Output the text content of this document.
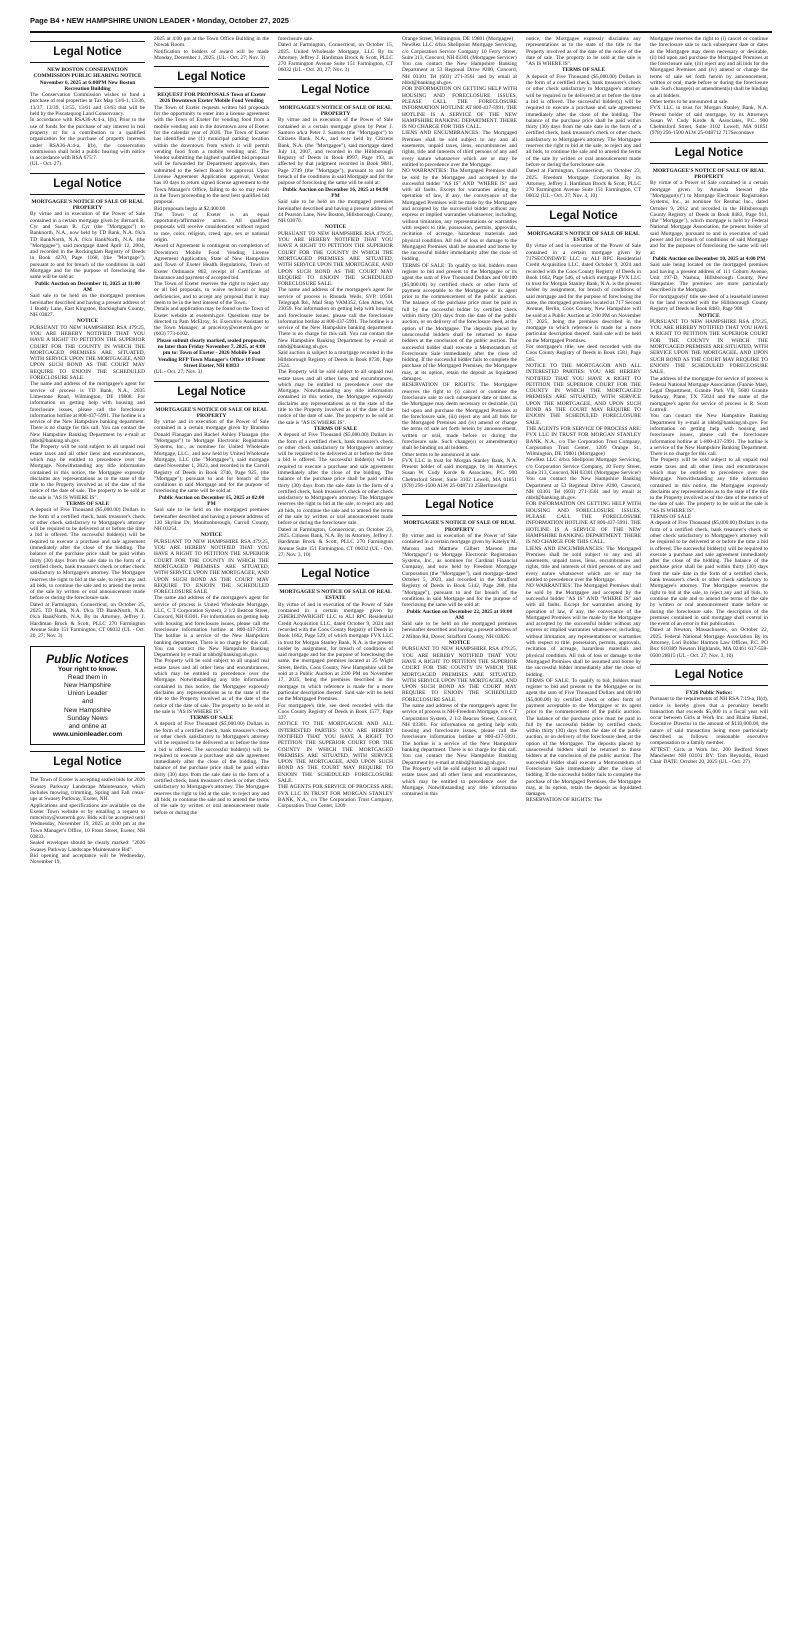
Page B4 • NEW HAMPSHIRE UNION LEADER • Monday, October 27, 2025
Legal Notice

NEW BOSTON CONSERVATION COMMISSION PUBLIC HEARING NOTICE

November 6, 2025 at 6:00PM New Boston Recreation Building

The Conservation Commission wishes to fund a purchase of real properties at Tax Map 13/6-1, 13/36, 13/37, 13/39, 13/55, 13/61 and 13/63 that will be held by the Piscataquog Land Conservancy.

In accordance with RSA36-A:4-a, I(b), Prior to the use of funds for the purchase of any interest in real property or for a contribution to a qualified organization for the purchase of property interests under RSA36-A:4-a, I(b), the conservation commission shall hold a public hearing with notice in accordance with RSA 675:7.

(UL - Oct. 27)

Legal Notice

MORTGAGEE'S NOTICE OF SALE OF REAL PROPERTY

By virtue and in execution of the Power of Sale contained in a certain mortgage given by Bernard R. Cyr and Susan R. Cyr (the "Mortgagor") to Banknorth, N.A., now held by TD Bank, N.A. f/k/a TD BankNorth, N.A. f/k/a BankNorth, N.A. (the "Mortgagee"), said mortgage dated April 12, 2004, and recorded in the Rockingham Registry of Deeds in Book 4270, Page 1168, (the "Mortgage"), pursuant to and for breach of the conditions in said Mortgage and for the purpose of foreclosing the same will be sold at:

Public Auction on December 11, 2025 at 11:00 AM

Said sale to be held on the mortgaged premises hereinafter described and having a present address of 1 Buddy Lane, East Kingston, Rockingham County, NH 03827.

NOTICE

PURSUANT TO NEW HAMPSHIRE RSA 479:25, YOU ARE HEREBY NOTIFIED THAT YOU HAVE A RIGHT TO PETITION THE SUPERIOR COURT FOR THE COUNTY IN WHICH THE MORTGAGED PREMISES ARE SITUATED, WITH SERVICE UPON THE MORTGAGEE, AND UPON SUCH BOND AS THE COURT MAY REQUIRE TO ENJOIN THE SCHEDULED FORECLOSURE SALE.

The name and address of the mortgagee's agent for service of process is TD Bank, N.A., 2035 Limestone Road, Wilmington, DE 19808. For information on getting help with housing and foreclosure issues, please call the foreclosure information hotline at 800-437-5991. The hotline is a service of the New Hampshire banking department. There is no charge for this call. You can contact the New Hampshire Banking Department by e-mail at nhbd@banking.nh.gov.

The Property will be sold subject to all unpaid real estate taxes and all other liens and encumbrances, which may be entitled to precedence over the Mortgage. Notwithstanding any title information contained in this notice, the Mortgagee expressly disclaims any representations as to the state of the title to the Property involved as of the date of the notice of the date of sale. The property to be sold at the sale is "AS IS WHERE IS".

TERMS OF SALE

A deposit of Five Thousand ($5,000.00) Dollars in the form of a certified check, bank treasurer's check or other check satisfactory to Mortgagee's attorney will be required to be delivered at or before the time a bid is offered. The successful bidder(s) will be required to execute a purchase and sale agreement immediately after the close of the bidding. The balance of the purchase price shall be paid within thirty (30) days from the sale date in the form of a certified check, bank treasurer's check or other check satisfactory to Mortgagee's attorney. The Mortgagee reserves the right to bid at the sale, to reject any and all bids, to continue the sale and to amend the terms of the sale by written or oral announcement made before or during the foreclosure sale.

Dated at Farmington, Connecticut, on October 25, 2025. TD Bank, N.A. f/k/a TD BankNorth, N.A. f/k/a BankNorth, N.A. By its Attorney, Jeffrey J. Hardiman Brock & Scott, PLLC 270 Farmington Avenue Suite 151 Farmington, CT 06032 (UL - Oct. 20, 27; Nov. 3)

Public Notices
Your right to know.
Read them in
New Hampshire
Union Leader
and
New Hampshire
Sunday News
and online at
www.unionleader.com
Legal Notice

The Town of Exeter is accepting sealed bids for 2026 Swasey Parkway Landscape Maintenance, which includes mowing, trimming, Spring and Fall clean-ups at Swasey Parkway, Exeter, NH.

Applications and specifications are available on the Exeter Town website or by emailing a request to mmcelroy@exeternh.gov. Bids will be accepted until Wednesday, November 19, 2025 at 4:00 pm at the Town Manager's Office, 10 Front Street, Exeter, NH 03833.

Sealed envelopes should be clearly marked: "2026 Swasey Parkway Landscape Maintenance Bid".

Bid opening and acceptance will be Wednesday, November 19,

2025 at 4:00 pm at the Town Office Building in the Nowak Room.

Notification to bidders of award will be made Monday, December 1, 2025. (UL - Oct. 27; Nov. 3)

Legal Notice

REQUEST FOR PROPOSALS Town of Exeter 2026 Downtown Exeter Mobile Food Vending

The Town of Exeter requests written bid proposals for the opportunity to enter into a license agreement with the Town of Exeter for vending food from a mobile vending unit in the downtown area of Exeter for the calendar year of 2026. The Town of Exeter has identified one (1) municipal parking location within the downtown from which it will permit vending food from a mobile vending unit. The Vendor submitting the highest qualified bid proposal will be forwarded for Department approvals, then submitted to the Select Board for approval. Upon License Agreement Application approval, Vendor has 10 days to return signed license agreement to the Town Manager's Office, failing to do so may result in the Town proceeding to the next best qualified bid proposal.

Bid proposals begin at $2,400.00

The Town of Exeter is an equal opportunity/affirmative action. All qualified proposals will receive consideration without regard to race, color, religion, creed, age, sex or national origin.

Award of Agreement is contingent on completion of Downtown Mobile Food Vending License Agreement Application, State of New Hampshire and Town of Exeter Health Regulations, Town of Exeter Ordinance 802, receipt of Certificate of Insurance and payment of accepted bid.

The Town of Exeter reserves the right to reject any or all bid proposals, to waive technical or legal deficiencies, and to accept any proposal that it may deem to be in the best interest of the Town.

Details and application may be found on the Town of Exeter website at exeternh.gov. Questions may be directed to Pam McElroy, Sr. Executive Assistant to the Town Manager, at pmcelroy@exeternh.gov or (603) 773-6102.

Please submit clearly marked, sealed proposals, no later than Friday November 7, 2025, at 4:00 pm to: Town of Exeter - 2026 Mobile Food Vending RFP Town Manager's Office 10 Front Street Exeter, NH 03833

(UL - Oct. 27; Nov. 3)

Legal Notice

MORTGAGEE'S NOTICE OF SALE OF REAL PROPERTY

By virtue and in execution of the Power of Sale contained in a certain mortgage given by Brandon Donald Flanagan and Rachel Ashley Flanagan (the "Mortgagor") to Mortgage Electronic Registration Systems, Inc., as nominee for United Wholesale Mortgage, LLC., and now held by United Wholesale Mortgage, LLC (the "Mortgagee"), said mortgage dated November 1, 2023, and recorded in the Carroll Registry of Deeds in Book 3746, Page 925, (the "Mortgage"), pursuant to and for breach of the conditions in said Mortgage and for the purpose of foreclosing the same will be sold at:

Public Auction on December 15, 2025 at 02:00 PM

Said sale to be held on the mortgaged premises hereinafter described and having a present address of 130 Skyline Dr, Moultonborough, Carroll County, NH 03254.

NOTICE

PURSUANT TO NEW HAMPSHIRE RSA 479:25, YOU ARE HEREBY NOTIFIED THAT YOU HAVE A RIGHT TO PETITION THE SUPERIOR COURT FOR THE COUNTY IN WHICH THE MORTGAGED PREMISES ARE SITUATED, WITH SERVICE UPON THE MORTGAGEE, AND UPON SUCH BOND AS THE COURT MAY REQUIRE TO ENJOIN THE SCHEDULED FORECLOSURE SALE.

The name and address of the mortgagee's agent for service of process is United Wholesale Mortgage, LLC, C T Corporation System, 2 1/2 Beacon Street, Concord, NH 03301. For information on getting help with housing and foreclosure issues, please call the foreclosure information hotline at 800-437-5991. The hotline is a service of the New Hampshire banking department. There is no charge for this call. You can contact the New Hampshire Banking Department by e-mail at nhbd@banking.nh.gov.

The Property will be sold subject to all unpaid real estate taxes and all other liens and encumbrances, which may be entitled to precedence over the Mortgage. Notwithstanding any title information contained in this notice, the Mortgagee expressly disclaims any representations as to the state of the title to the Property involved as of the date of the notice of the date of sale. The property to be sold at the sale is "AS IS WHERE IS".

TERMS OF SALE

A deposit of Five Thousand ($5,000.00) Dollars in the form of a certified check, bank treasurer's check or other check satisfactory to Mortgagee's attorney will be required to be delivered at or before the time a bid is offered. The successful bidder(s) will be required to execute a purchase and sale agreement immediately after the close of the bidding. The balance of the purchase price shall be paid within thirty (30) days from the sale date in the form of a certified check, bank treasurer's check or other check satisfactory to Mortgagee's attorney. The Mortgagee reserves the right to bid at the sale, to reject any and all bids, to continue the sale and to amend the terms of the sale by written or oral announcement made before or during the

foreclosure sale.

Dated at Farmington, Connecticut, on October 15, 2025. United Wholesale Mortgage, LLC By its Attorney, Jeffrey J. Hardiman Brock & Scott, PLLC 270 Farmington Avenue Suite 151 Farmington, CT 06032 (UL - Oct. 20, 27; Nov. 3)

Legal Notice

MORTGAGEE'S NOTICE OF SALE OF REAL PROPERTY

By virtue and in execution of the Power of Sale contained in a certain mortgage given by Peter J. Santoro a/k/a Peter J. Santoto (the "Mortgagor") to Citizens Bank, N.A., and now held by Citizens Bank, N.A. (the "Mortgagee"), said mortgage dated July 14, 2007, and recorded in the Hillsborough Registry of Deeds in Book 8997, Page 193, as affected by that judgment recorded in Book 9881, Page 2749 (the "Mortgage"), pursuant to and for breach of the conditions in said Mortgage and for the purpose of foreclosing the same will be sold at:

Public Auction on December 16, 2025 at 04:00 PM

Said sale to be held on the mortgaged premises hereinafter described and having a present address of 44 Pearson Lane, New Boston, Hillsborough County, NH 03070.

NOTICE

PURSUANT TO NEW HAMPSHIRE RSA 479:25, YOU ARE HEREBY NOTIFIED THAT YOU HAVE A RIGHT TO PETITION THE SUPERIOR COURT FOR THE COUNTY IN WHICH THE MORTGAGED PREMISES ARE SITUATED, WITH SERVICE UPON THE MORTGAGEE, AND UPON SUCH BOND AS THE COURT MAY REQUIRE TO ENJOIN THE SCHEDULED FORECLOSURE SALE.

The name and address of the mortgagee's agent for service of process is Rhonda Wells, SVP, 10561 Telegraph Rd., Mail Stop VAM352, Glen Allen, VA 23059. For information on getting help with housing and foreclosure issues, please call the foreclosure information hotline at 800-437-5991. The hotline is a service of the New Hampshire banking department. There is no charge for this call. You can contact the New Hampshire Banking Department by e-mail at nhbd@banking.nh.gov.

Said auction is subject to a mortgage recorded in the Hillsborough Registry of Deeds in Book 8730, Page 2524.

The Property will be sold subject to all unpaid real estate taxes and all other liens and encumbrances, which may be entitled to precedence over the Mortgage. Notwithstanding any title information contained in this notice, the Mortgagee expressly disclaims any representations as to the state of the title to the Property involved as of the date of the notice of the date of sale. The property to be sold at the sale is "AS IS WHERE IS".

TERMS OF SALE

A deposit of Five Thousand ($5,000.00) Dollars in the form of a certified check, bank treasurer's check or other check satisfactory to Mortgagee's attorney will be required to be delivered at or before the time a bid is offered. The successful bidder(s) will be required to execute a purchase and sale agreement immediately after the close of the bidding. The balance of the purchase price shall be paid within thirty (30) days from the sale date in the form of a certified check, bank treasurer's check or other check satisfactory to Mortgagee's attorney. The Mortgagee reserves the right to bid at the sale, to reject any and all bids, to continue the sale and to amend the terms of the sale by written or oral announcement made before or during the foreclosure sale.

Dated at Farmington, Connecticut, on October 23, 2025. Citizens Bank, N.A. By its Attorney, Jeffrey J. Hardiman Brock & Scott, PLLC 270 Farmington Avenue Suite 151 Farmington, CT 06032 (UL - Oct. 27; Nov. 3, 10)

Legal Notice

MORTGAGEE'S NOTICE OF SALE OF REAL ESTATE

By virtue of and in execution of the Power of Sale contained in a certain mortgage given by 25BERLINWRIGHT LLC to ALI RPC Residential Credit Acquisition LLC, dated October 9, 2024 and recorded with the Coos County Registry of Deeds in Book 1662, Page 529, of which mortgage FVX LLC in trust for Morgan Stanley Bank, N.A. is the present holder by assignment, for breach of conditions of said mortgage and for the purpose of foreclosing the same, the mortgaged premises located at 25 Wight Street, Berlin, Coos County, New Hampshire will be sold at a Public Auction at 2:00 PM on November 17, 2025, being the premises described in the mortgage to which reference is made for a more particular description thereof. Said sale will be held on the Mortgaged Premises.

For mortgagee's title, see deed recorded with the Coos County Registry of Deeds in Book 1577, Page 337.

NOTICE TO THE MORTGAGOR AND ALL INTERESTED PARTIES: YOU ARE HEREBY NOTIFIED THAT YOU HAVE A RIGHT TO PETITION THE SUPERIOR COURT FOR THE COUNTY IN WHICH THE MORTGAGED PREMISES ARE SITUATED, WITH SERVICE UPON THE MORTGAGEE, AND UPON SUCH BOND AS THE COURT MAY REQUIRE TO ENJOIN THE SCHEDULED FORECLOSURE SALE.

THE AGENTS FOR SERVICE OF PROCESS ARE: FVX LLC IN TRUST FOR MORGAN STANLEY BANK, N.A., c/o The Corporation Trust Company, Corporation Trust Center, 1209

Orange Street, Wilmington, DE 19801 (Mortgagee)

NewRez LLC d/b/a Shellpoint Mortgage Servicing, c/o Corporation Service Company 10 Ferry Street, Suite 313, Concord, NH 03301 (Mortgagee Servicer)

You can contact the New Hampshire Banking Department at 53 Regional Drive #200, Concord, NH 03301 Tel (603) 271-3561 and by email at nhbd@banking.nh.gov.

FOR INFORMATION ON GETTING HELP WITH HOUSING AND FORECLOSURE ISSUES, PLEASE CALL THE FORECLOSURE INFORMATION HOTLINE AT 800-437-5991. THE HOTLINE IS A SERVICE OF THE NEW HAMPSHIRE BANKING DEPARTMENT. THERE IS NO CHARGE FOR THIS CALL.

LIENS AND ENCUMBRANCES: The Mortgaged Premises shall be sold subject to any and all easements, unpaid taxes, liens, encumbrances and rights, title and interests of third persons of any and every nature whatsoever which are or may be entitled to precedence over the Mortgage.

NO WARRANTIES: The Mortgaged Premises shall be sold by the Mortgagee and accepted by the successful bidder "AS IS" AND "WHERE IS" and with all faults. Except for warranties arising by operation of law, if any, the conveyance of the Mortgaged Premises will be made by the Mortgagee and accepted by the successful bidder without any express or implied warranties whatsoever, including, without limitation, any representations or warranties with respect to title, possession, permits, approvals, recitation of acreage, hazardous materials and physical condition. All risk of loss or damage to the Mortgaged Premises shall be assumed and borne by the successful bidder immediately after the close of bidding.

TERMS OF SALE: To qualify to bid, bidders must register to bid and present to the Mortgagee or its agent the sum of Five Thousand Dollars and 00/100 ($5,000.00) by certified check or other form of payment acceptable to the Mortgagee or its agent prior to the commencement of the public auction. The balance of the purchase price must be paid in full by the successful bidder by certified check within thirty (30) days from the date of the public auction, or on delivery of the foreclosure deed, at the option of the Mortgagee. The deposits placed by unsuccessful bidders shall be returned to those bidders at the conclusion of the public auction. The successful bidder shall execute a Memorandum of Foreclosure Sale immediately after the close of bidding. If the successful bidder fails to complete the purchase of the Mortgaged Premises, the Mortgagee may, at its option, retain the deposit as liquidated damages.

RESERVATION OF RIGHTS: The Mortgagee reserves the right to (i) cancel or continue the foreclosure sale to such subsequent date or dates as the Mortgagee may deem necessary or desirable, (ii) bid upon and purchase the Mortgaged Premises at the foreclosure sale, (iii) reject any and all bids for the Mortgaged Premises and (iv) amend or change the terms of sale set forth herein by announcement, written or oral, made before or during the foreclosure sale. Such change(s) or amendment(s) shall be binding on all bidders.

Other terms to be announced at sale.

FVX LLC in trust for Morgan Stanley Bank, N.A. Present holder of said mortgage, by its Attorneys Susan W. Cody Korde & Associates, P.C. 900 Chelmsford Street, Suite 3102 Lowell, MA 01851 (978) 256-1500 ALW 25-048713 25Berlinwright

Legal Notice

MORTGAGEE'S NOTICE OF SALE OF REAL PROPERTY

By virtue and in execution of the Power of Sale contained in a certain mortgage given by Katelyn M. Maroon and Matthew Gilbert Maroon (the "Mortgagor") to Mortgage Electronic Registration Systems, Inc., as nominee for Cardinal Financial Company, and now held by Freedom Mortgage Corporation (the "Mortgagee"), said mortgage dated October 5, 2023, and recorded in the Strafford Registry of Deeds in Book 5142, Page 288, (the "Mortgage"), pursuant to and for breach of the conditions in said Mortgage and for the purpose of foreclosing the same will be sold at:

Public Auction on December 22, 2025 at 10:00 AM

Said sale to be held on the mortgaged premises hereinafter described and having a present address of 2 Milton Rd, Dover, Strafford County, NH 03820.

NOTICE

PURSUANT TO NEW HAMPSHIRE RSA 479:25, YOU ARE HEREBY NOTIFIED THAT YOU HAVE A RIGHT TO PETITION THE SUPERIOR COURT FOR THE COUNTY IN WHICH THE MORTGAGED PREMISES ARE SITUATED, WITH SERVICE UPON THE MORTGAGEE, AND UPON SUCH BOND AS THE COURT MAY REQUIRE TO ENJOIN THE SCHEDULED FORECLOSURE SALE.

The name and address of the mortgagee's agent for service of process is NH-Freedom Mortgage, c/o C T Corporation System, 2 1/2 Beacon Street, Concord, NH 03301. For information on getting help with housing and foreclosure issues, please call the foreclosure information hotline at 800-437-5991. The hotline is a service of the New Hampshire banking department. There is no charge for this call. You can contact the New Hampshire Banking Department by e-mail at nhbd@banking.nh.gov.

The Property will be sold subject to all unpaid real estate taxes and all other liens and encumbrances, which may be entitled to precedence over the Mortgage. Notwithstanding any title information contained in this

notice, the Mortgagee expressly disclaims any representations as to the state of the title to the Property involved as of the date of the notice of the date of sale. The property to be sold at the sale is "AS IS WHERE IS".

TERMS OF SALE

A deposit of Five Thousand ($5,000.00) Dollars in the form of a certified check, bank treasurer's check or other check satisfactory to Mortgagee's attorney will be required to be delivered at or before the time a bid is offered. The successful bidder(s) will be required to execute a purchase and sale agreement immediately after the close of the bidding. The balance of the purchase price shall be paid within thirty (30) days from the sale date in the form of a certified check, bank treasurer's check or other check satisfactory to Mortgagee's attorney. The Mortgagee reserves the right to bid at the sale, to reject any and all bids, to continue the sale and to amend the terms of the sale by written or oral announcement made before or during the foreclosure sale.

Dated at Farmington, Connecticut, on October 23, 2025. Freedom Mortgage Corporation By its Attorney, Jeffrey J. Hardiman Brock & Scott, PLLC 270 Farmington Avenue Suite 151 Farmington, CT 06032 (UL - Oct. 27; Nov. 3, 10)

Legal Notice

MORTGAGEE'S NOTICE OF SALE OF REAL ESTATE

By virtue of and in execution of the Power of Sale contained in a certain mortgage given by 717SECONDAVE LLC to ALI RPC Residential Credit Acquisition LLC, dated October 9, 2024 and recorded with the Coos County Registry of Deeds in Book 1662, Page 546, of which mortgage FVX LLC in trust for Morgan Stanley Bank, N.A. is the present holder by assignment, for breach of conditions of said mortgage and for the purpose of foreclosing the same, the mortgaged premises located at 717 Second Avenue, Berlin, Coos County, New Hampshire will be sold at a Public Auction at 3:00 PM on November 17, 2025, being the premises described in the mortgage to which reference is made for a more particular description thereof. Said sale will be held on the Mortgaged Premises.

For mortgagee's title, see deed recorded with the Coos County Registry of Deeds in Book 1581, Page 565.

NOTICE TO THE MORTGAGOR AND ALL INTERESTED PARTIES: YOU ARE HEREBY NOTIFIED THAT YOU HAVE A RIGHT TO PETITION THE SUPERIOR COURT FOR THE COUNTY IN WHICH THE MORTGAGED PREMISES ARE SITUATED, WITH SERVICE UPON THE MORTGAGEE, AND UPON SUCH BOND AS THE COURT MAY REQUIRE TO ENJOIN THE SCHEDULED FORECLOSURE SALE.

THE AGENTS FOR SERVICE OF PROCESS ARE: FVX LLC IN TRUST FOR MORGAN STANLEY BANK, N.A., c/o The Corporation Trust Company, Corporation Trust Center, 1209 Orange St., Wilmington, DE 19801 (Mortgagee)

NewRez LLC d/b/a Shellpoint Mortgage Servicing, c/o Corporation Service Company, 10 Ferry Street, Suite 313, Concord, NH 03301 (Mortgagee Servicer)

You can contact the New Hampshire Banking Department at 53 Regional Drive #200, Concord, NH 03301 Tel (603) 271-3561 and by email at nhbd@banking.nh.gov.

FOR INFORMATION ON GETTING HELP WITH HOUSING AND FORECLOSURE ISSUES, PLEASE CALL THE FORECLOSURE INFORMATION HOTLINE AT 800-437-5991. THE HOTLINE IS A SERVICE OF THE NEW HAMPSHIRE BANKING DEPARTMENT. THERE IS NO CHARGE FOR THIS CALL.

LIENS AND ENCUMBRANCES: The Mortgaged Premises shall be sold subject to any and all easements, unpaid taxes, liens, encumbrances and rights, title and interests of third persons of any and every nature whatsoever which are or may be entitled to precedence over the Mortgage.

NO WARRANTIES: The Mortgaged Premises shall be sold by the Mortgagee and accepted by the successful bidder "AS IS" AND "WHERE IS" and with all faults. Except for warranties arising by operation of law, if any, the conveyance of the Mortgaged Premises will be made by the Mortgagee and accepted by the successful bidder without any express or implied warranties whatsoever, including, without limitation, any representations or warranties with respect to title, possession, permits, approvals, recitation of acreage, hazardous materials and physical condition. All risk of loss or damage to the Mortgaged Premises shall be assumed and borne by the successful bidder immediately after the close of bidding.

TERMS OF SALE: To qualify to bid, bidders must register to bid and present to the Mortgagee or its agent the sum of Five Thousand Dollars and 00/100 ($5,000.00) by certified check or other form of payment acceptable to the Mortgagee or its agent prior to the commencement of the public auction. The balance of the purchase price must be paid in full by the successful bidder by certified check within thirty (30) days from the date of the public auction, or on delivery of the foreclosure deed, at the option of the Mortgagee. The deposits placed by unsuccessful bidders shall be returned to those bidders at the conclusion of the public auction. The successful bidder shall execute a Memorandum of Foreclosure Sale immediately after the close of bidding. If the successful bidder fails to complete the purchase of the Mortgaged Premises, the Mortgagee may, at its option, retain the deposit as liquidated damages.

RESERVATION OF RIGHTS: The

Mortgagee reserves the right to (i) cancel or continue the foreclosure sale to such subsequent date or dates as the Mortgagee may deem necessary or desirable, (ii) bid upon and purchase the Mortgaged Premises at the foreclosure sale, (iii) reject any and all bids for the Mortgaged Premises and (iv) amend or change the terms of sale set forth herein by announcement, written or oral, made before or during the foreclosure sale. Such change(s) or amendment(s) shall be binding on all bidders.

Other terms to be announced at sale.

FVX LLC in trust for Morgan Stanley Bank, N.A. Present holder of said mortgage, by its Attorneys Susan W. Cody Korde & Associates, P.C. 900 Chelmsford Street, Suite 3102 Lowell, MA 01851 (978) 256-1500 ALW 25-048712 717Secondave

Legal Notice

MORTGAGEE'S NOTICE OF SALE OF REAL PROPERTY

By virtue of a Power of Sale contained in a certain mortgage given by Amanda Stewart (the "Mortgagor(s)") to Mortgage Electronic Registration Systems, Inc., as nominee for Resmac Inc., dated October 9, 2012 and recorded in the Hillsborough County Registry of Deeds in Book 8483, Page 911, (the "Mortgage"), which mortgage is held by Federal National Mortgage Association, the present holder of said Mortgage, pursuant to and in execution of said power and for breach of conditions of said Mortgage and for the purposes of foreclosing the same will sell at:

Public Auction on December 10, 2025 at 4:00 PM

Said sale being located on the mortgaged premises and having a present address of 111 Coburn Avenue, Unit 197-D, Nashua, Hillsborough County, New Hampshire. The premises are more particularly described in the Mortgage.

For mortgagor(s)' title see deed of a leasehold interest in the land recorded with the Hillsborough County Registry of Deeds in Book 8483, Page 908.

NOTICE

PURSUANT TO NEW HAMPSHIRE RSA 479:25, YOU ARE HEREBY NOTIFIED THAT YOU HAVE A RIGHT TO PETITION THE SUPERIOR COURT FOR THE COUNTY IN WHICH THE MORTGAGED PREMISES ARE SITUATED, WITH SERVICE UPON THE MORTGAGEE, AND UPON SUCH BOND AS THE COURT MAY REQUIRE TO ENJOIN THE SCHEDULED FORECLOSURE SALE.

The address of the mortgagee for service of process is Federal National Mortgage Association (Fannie Mae), Legal Department, Granite Park VII, 5600 Granite Parkway, Plano, TX 75024 and the name of the mortgagee's agent for service of process is R. Scott Luttrull.

You can contact the New Hampshire Banking Department by e-mail at nhbd@banking.nh.gov. For information on getting help with housing and foreclosure issues, please call the foreclosure information hotline at 1-800-437-5991. The hotline is a service of the New Hampshire Banking Department. There is no charge for this call.

The Property will be sold subject to all unpaid real estate taxes and all other liens and encumbrances which may be entitled to precedence over the Mortgage. Notwithstanding any title information contained in this notice, the Mortgagee expressly disclaims any representations as to the state of the title to the Property involved as of the date of the notice of the date of sale. The property to be sold at the sale is "AS IS WHERE IS".

TERMS OF SALE

A deposit of Five Thousand ($5,000.00) Dollars in the form of a certified check, bank treasurer's check or other check satisfactory to Mortgagee's attorney will be required to be delivered at or before the time a bid is offered. The successful bidder(s) will be required to execute a purchase and sale agreement immediately after the close of the bidding. The balance of the purchase price shall be paid within thirty (30) days from the sale date in the form of a certified check, bank treasurer's check or other check satisfactory to Mortgagee's attorney. The Mortgagee reserves the right to bid at the sale, to reject any and all bids, to continue the sale and to amend the terms of the sale by written or oral announcement made before or during the foreclosure sale. The description of the premises contained in said mortgage shall control in the event of an error in this publication.

Dated at Newton, Massachusetts, on October 22, 2025. Federal National Mortgage Association By its Attorney, Lori Bolduc Harmon Law Offices, P.C. PO Box 610389 Newton Highlands, MA 02461 617-558-0500 28015 (UL - Oct. 27; Nov. 3, 10)

Legal Notice

FY26 Public Notice:

Pursuant to the requirements of NH RSA 7:19-a, II(d), notice is hereby given that a pecuniary benefit transaction that exceeds $5,000 in a fiscal year will occur between Girls at Work Inc. and Blaine Hamel, Executive Director in the amount of $110,000.00, the nature of said transaction being more particularly described as follows: reasonable executive compensation to a family member.

ATTEST: Girls at Work Inc. 200 Bedford Street Manchester NH 03101 BY: Tom Reynolds, Board Chair DATE: October 20, 2025 (UL - Oct. 27)
